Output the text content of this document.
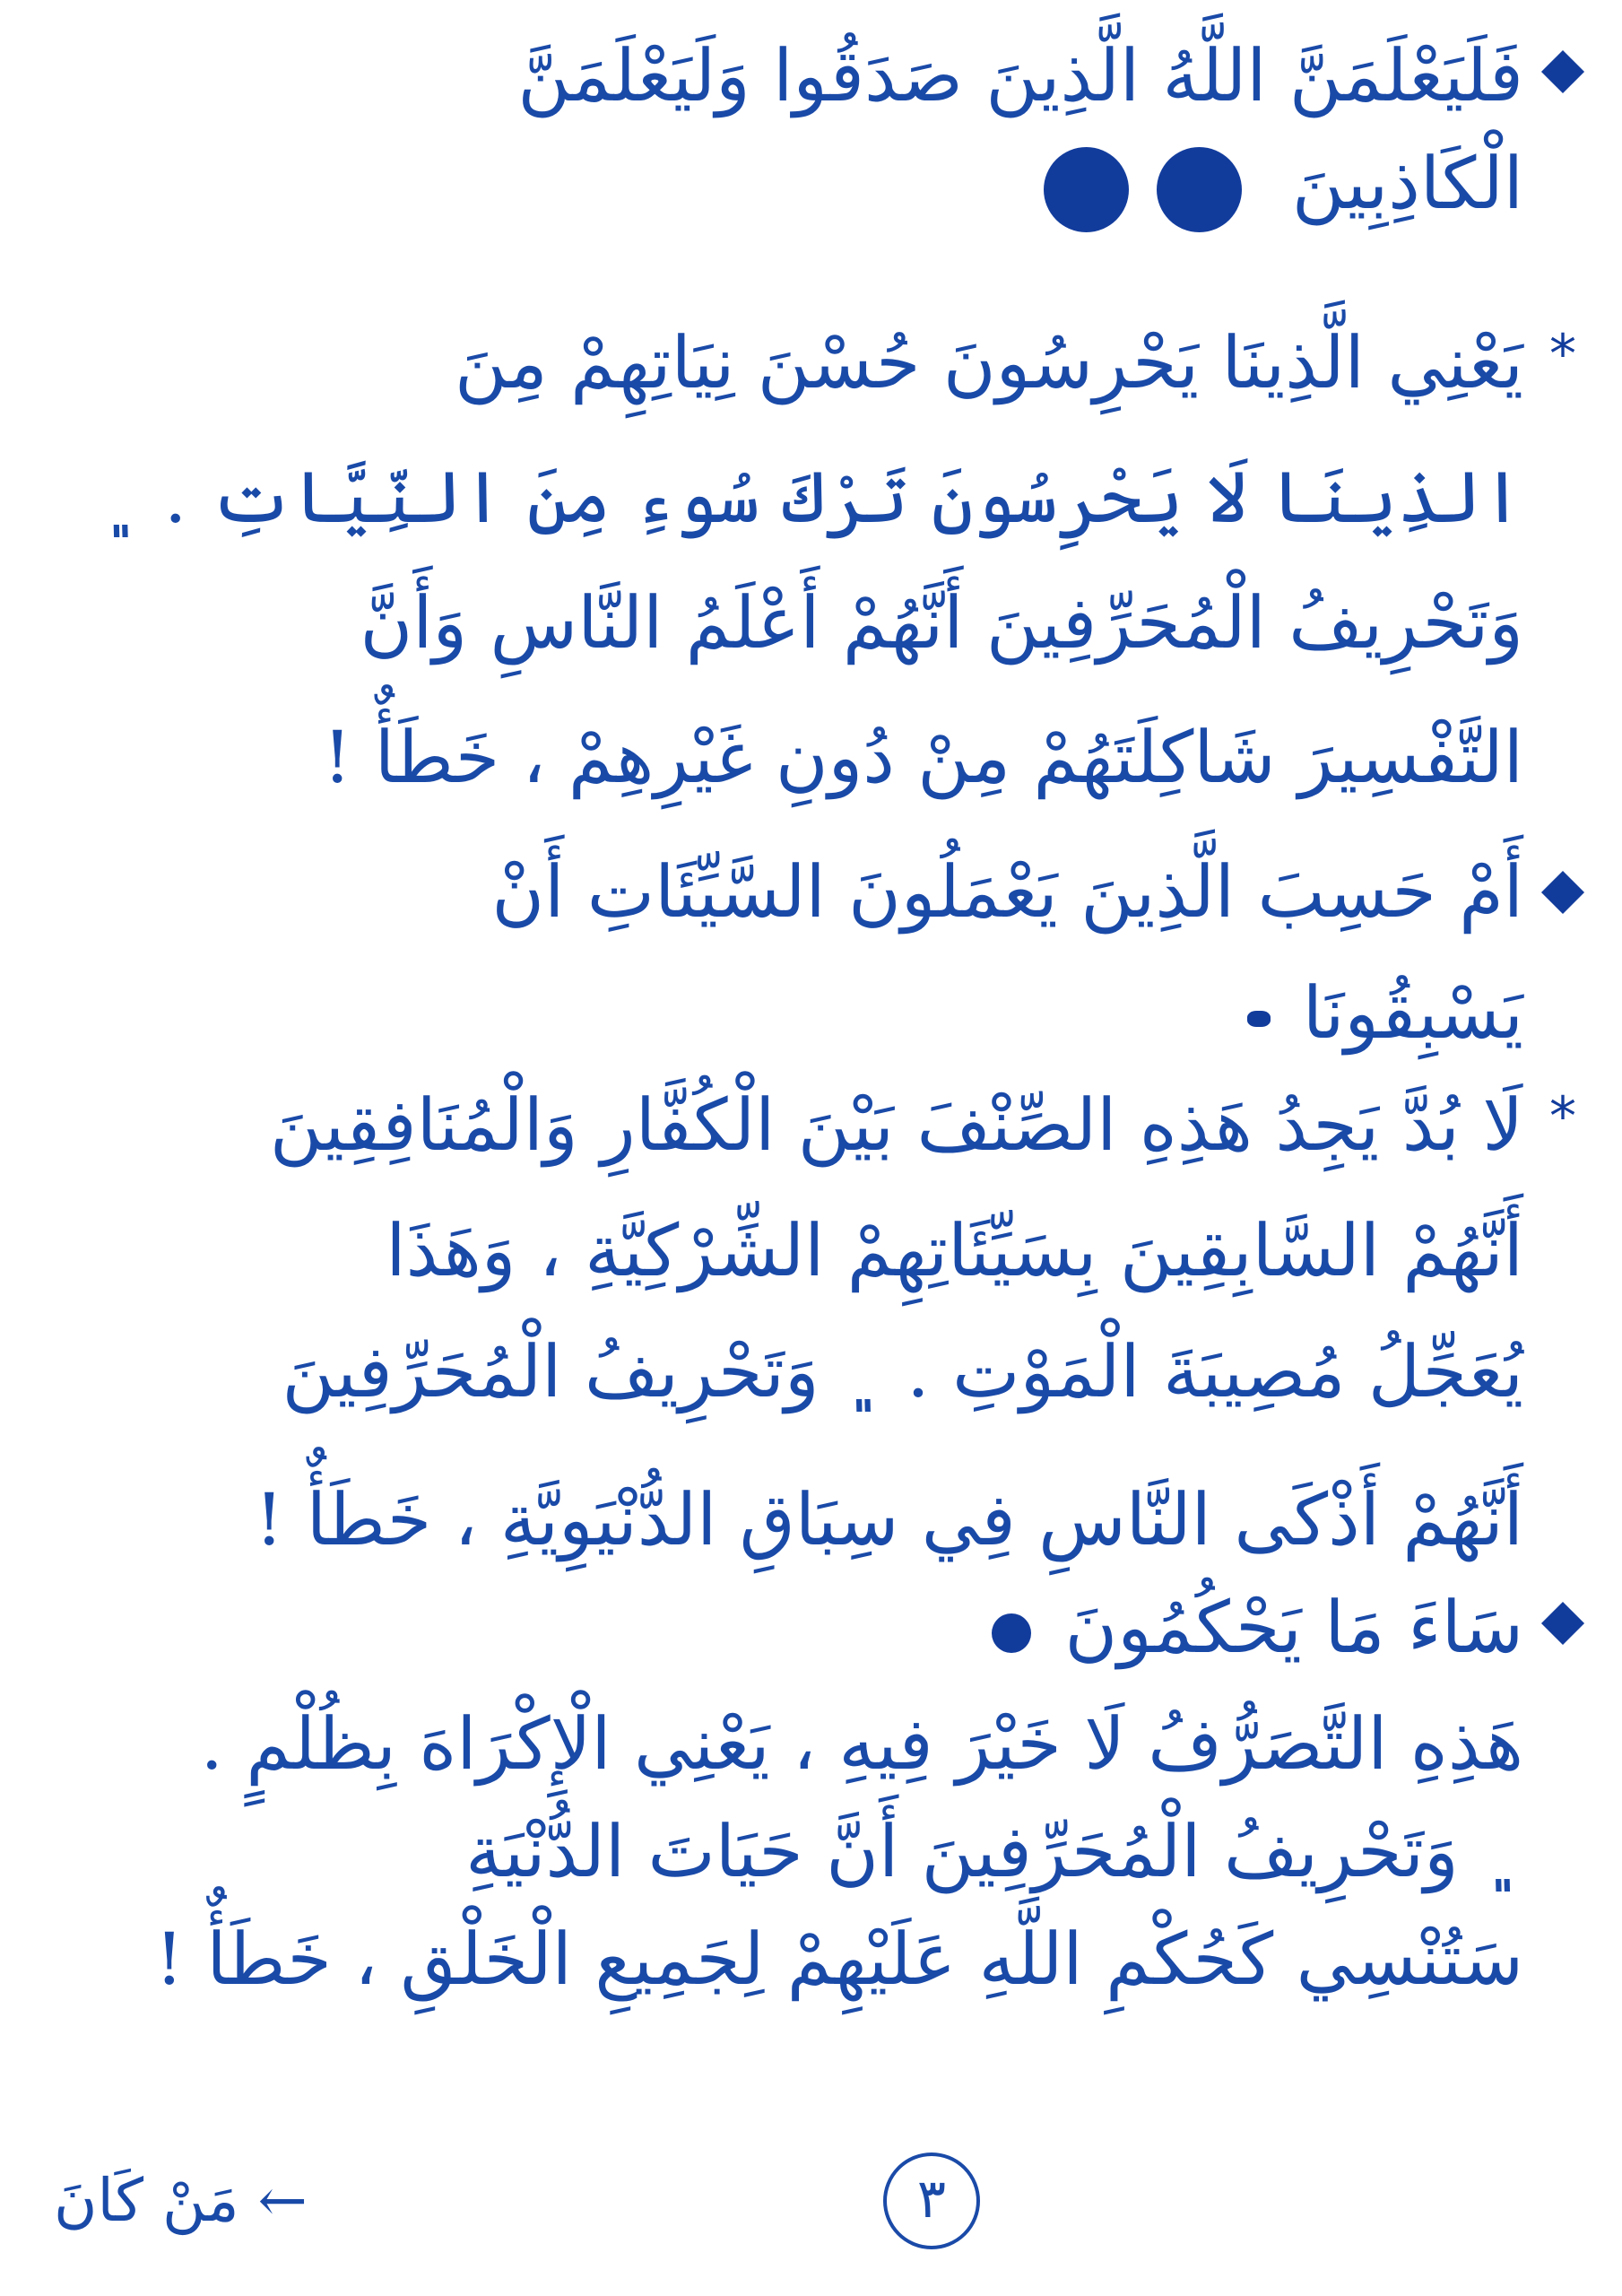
فَلَيَعْلَمَنَّ اللَّهُ الَّذِينَ صَدَقُوا وَلَيَعْلَمَنَّ
الْكَاذِبِينَ
*
يَعْنِي الَّذِينَا يَحْرِسُونَ حُسْنَ نِيَاتِهِمْ مِنَ
الذِينَا لَا يَحْرِسُونَ تَرْكَ سُوءِ مِنَ النِّيَّاتِ . ﮼
وَتَحْرِيفُ الْمُحَرِّفِينَ أَنَّهُمْ أَعْلَمُ النَّاسِ وَأَنَّ
التَّفْسِيرَ شَاكِلَتَهُمْ مِنْ دُونِ غَيْرِهِمْ ، خَطَأٌ !
أَمْ حَسِبَ الَّذِينَ يَعْمَلُونَ السَّيِّئَاتِ أَنْ
يَسْبِقُونَا
*
لَا بُدَّ يَجِدُ هَذِهِ الصِّنْفَ بَيْنَ الْكُفَّارِ وَالْمُنَافِقِينَ
أَنَّهُمْ السَّابِقِينَ بِسَيِّئَاتِهِمْ الشِّرْكِيَّةِ ، وَهَذَا
يُعَجِّلُ مُصِيبَةَ الْمَوْتِ . ﮼ وَتَحْرِيفُ الْمُحَرِّفِينَ
أَنَّهُمْ أَذْكَى النَّاسِ فِي سِبَاقِ الدُّنْيَوِيَّةِ ، خَطَأٌ !
سَاءَ مَا يَحْكُمُونَ
هَذِهِ التَّصَرُّفُ لَا خَيْرَ فِيهِ ، يَعْنِي الْإِكْرَاهَ بِظُلْمٍ .
﮼ وَتَحْرِيفُ الْمُحَرِّفِينَ أَنَّ حَيَاتَ الدُّنْيَةِ
سَتُنْسِي كَحُكْمِ اللَّهِ عَلَيْهِمْ لِجَمِيعِ الْخَلْقِ ، خَطَأٌ !
← مَنْ كَانَ	٣
